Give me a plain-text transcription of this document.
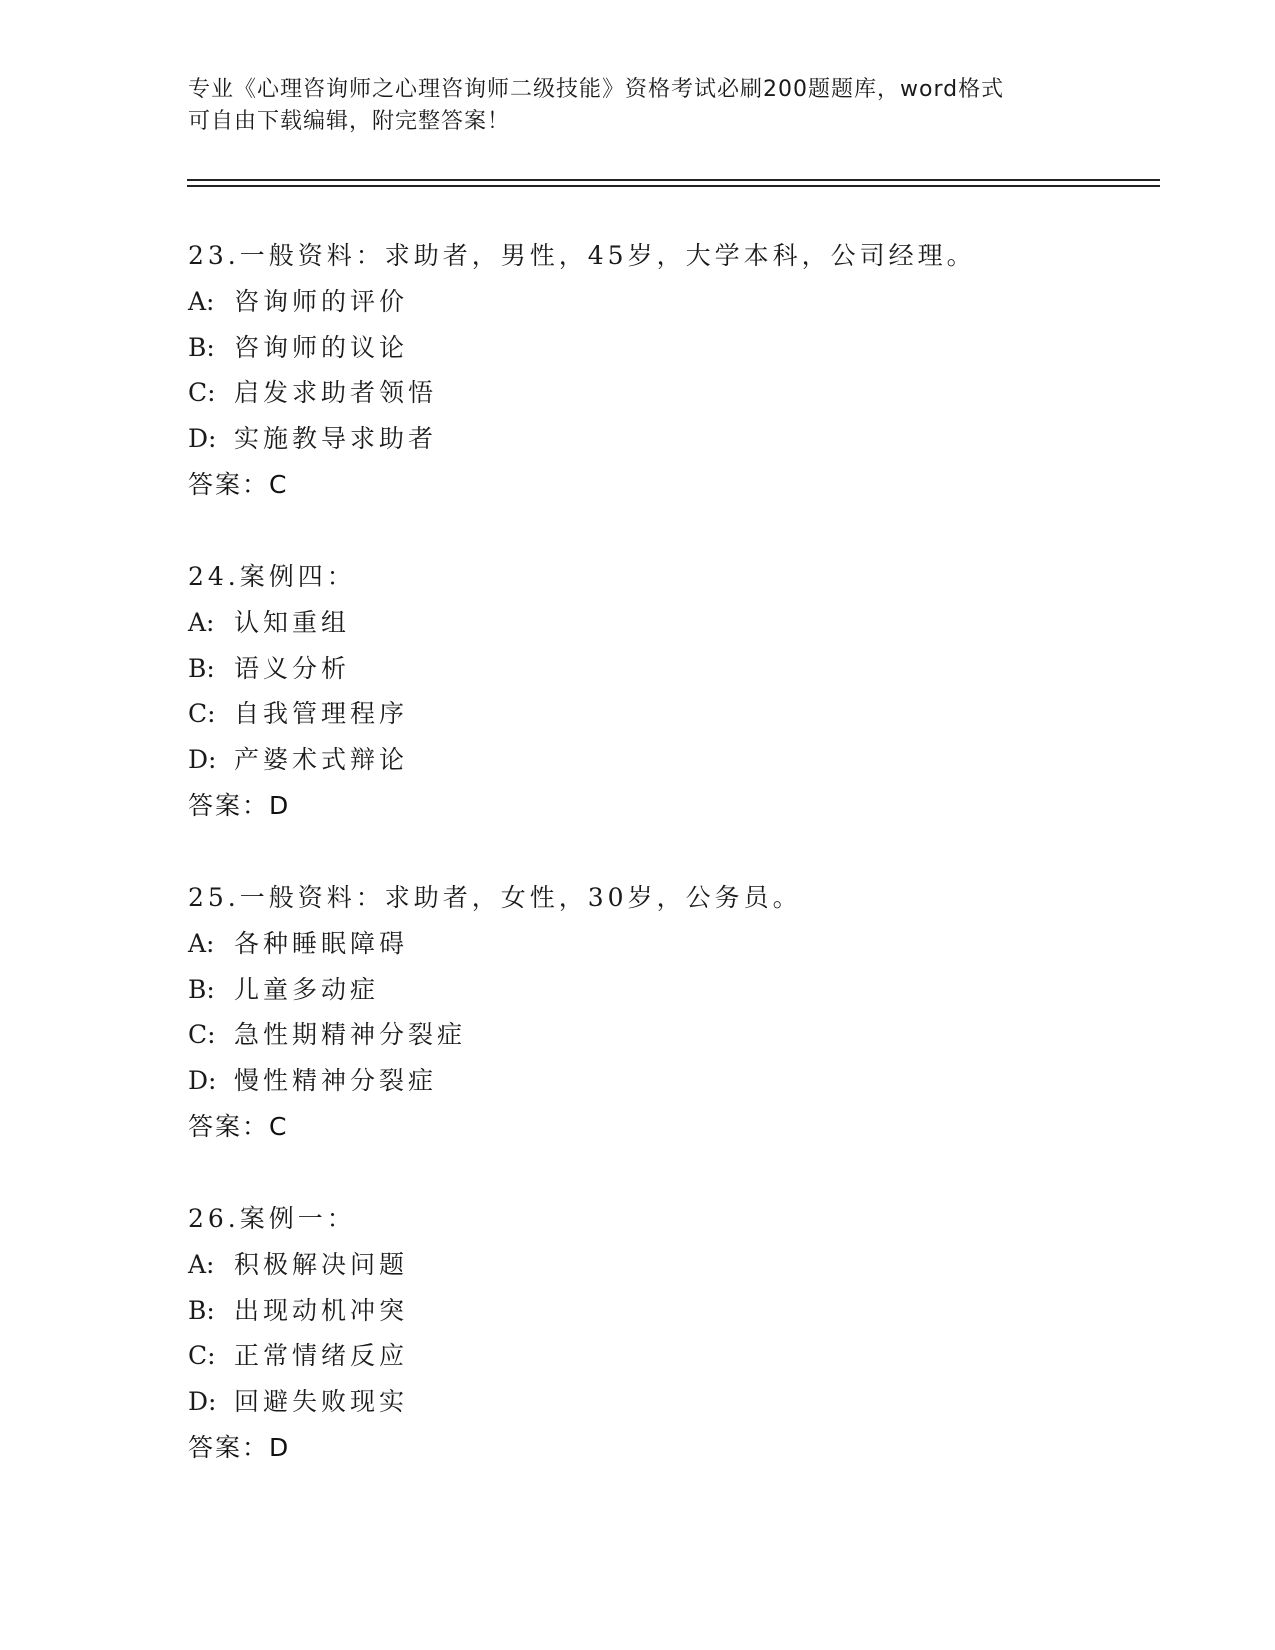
专业《心理咨询师之心理咨询师二级技能》资格考试必刷200题题库，word格式
可自由下载编辑，附完整答案！
23.一般资料：求助者，男性，45岁，大学本科，公司经理。
A: 咨询师的评价
B: 咨询师的议论
C: 启发求助者领悟
D: 实施教导求助者
答案：C
24.案例四：
A: 认知重组
B: 语义分析
C: 自我管理程序
D: 产婆术式辩论
答案：D
25.一般资料：求助者，女性，30岁，公务员。
A: 各种睡眠障碍
B: 儿童多动症
C: 急性期精神分裂症
D: 慢性精神分裂症
答案：C
26.案例一：
A: 积极解决问题
B: 出现动机冲突
C: 正常情绪反应
D: 回避失败现实
答案：D
